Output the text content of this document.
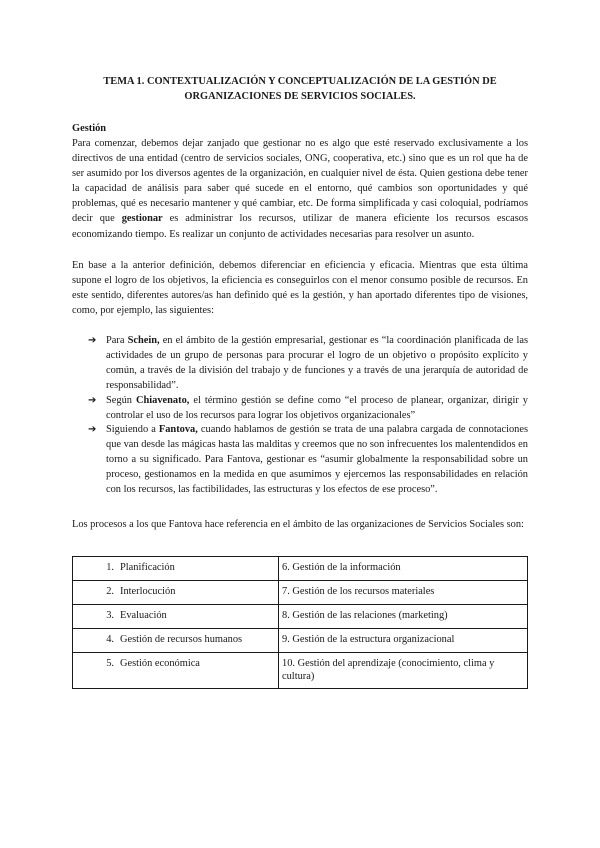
TEMA 1. CONTEXTUALIZACIÓN Y CONCEPTUALIZACIÓN DE LA GESTIÓN DE ORGANIZACIONES DE SERVICIOS SOCIALES.
Gestión

Para comenzar, debemos dejar zanjado que gestionar no es algo que esté reservado exclusivamente a los directivos de una entidad (centro de servicios sociales, ONG, cooperativa, etc.) sino que es un rol que ha de ser asumido por los diversos agentes de la organización, en cualquier nivel de ésta. Quien gestiona debe tener la capacidad de análisis para saber qué sucede en el entorno, qué cambios son oportunidades y qué problemas, qué es necesario mantener y qué cambiar, etc. De forma simplificada y casi coloquial, podríamos decir que gestionar es administrar los recursos, utilizar de manera eficiente los recursos escasos economizando tiempo. Es realizar un conjunto de actividades necesarias para resolver un asunto.

En base a la anterior definición, debemos diferenciar en eficiencia y eficacia. Mientras que esta última supone el logro de los objetivos, la eficiencia es conseguirlos con el menor consumo posible de recursos. En este sentido, diferentes autores/as han definido qué es la gestión, y han aportado diferentes tipo de visiones, como, por ejemplo, las siguientes:

➔ Para Schein, en el ámbito de la gestión empresarial, gestionar es “la coordinación planificada de las actividades de un grupo de personas para procurar el logro de un objetivo o propósito explícito y común, a través de la división del trabajo y de funciones y a través de una jerarquía de autoridad de responsabilidad”.
➔ Según Chiavenato, el término gestión se define como “el proceso de planear, organizar, dirigir y controlar el uso de los recursos para lograr los objetivos organizacionales”
➔ Siguiendo a Fantova, cuando hablamos de gestión se trata de una palabra cargada de connotaciones que van desde las mágicas hasta las malditas y creemos que no son infrecuentes los malentendidos en torno a su significado. Para Fantova, gestionar es “asumir globalmente la responsabilidad sobre un proceso, gestionamos en la medida en que asumimos y ejercemos las responsabilidades en relación con los recursos, las factibilidades, las estructuras y los efectos de ese proceso”.

Los procesos a los que Fantova hace referencia en el ámbito de las organizaciones de Servicios Sociales son:

1. Planificación	6. Gestión de la información
2. Interlocución	7. Gestión de los recursos materiales
3. Evaluación	8. Gestión de las relaciones (marketing)
4. Gestión de recursos humanos	9. Gestión de la estructura organizacional
5. Gestión económica	10. Gestión del aprendizaje (conocimiento, clima y cultura)
